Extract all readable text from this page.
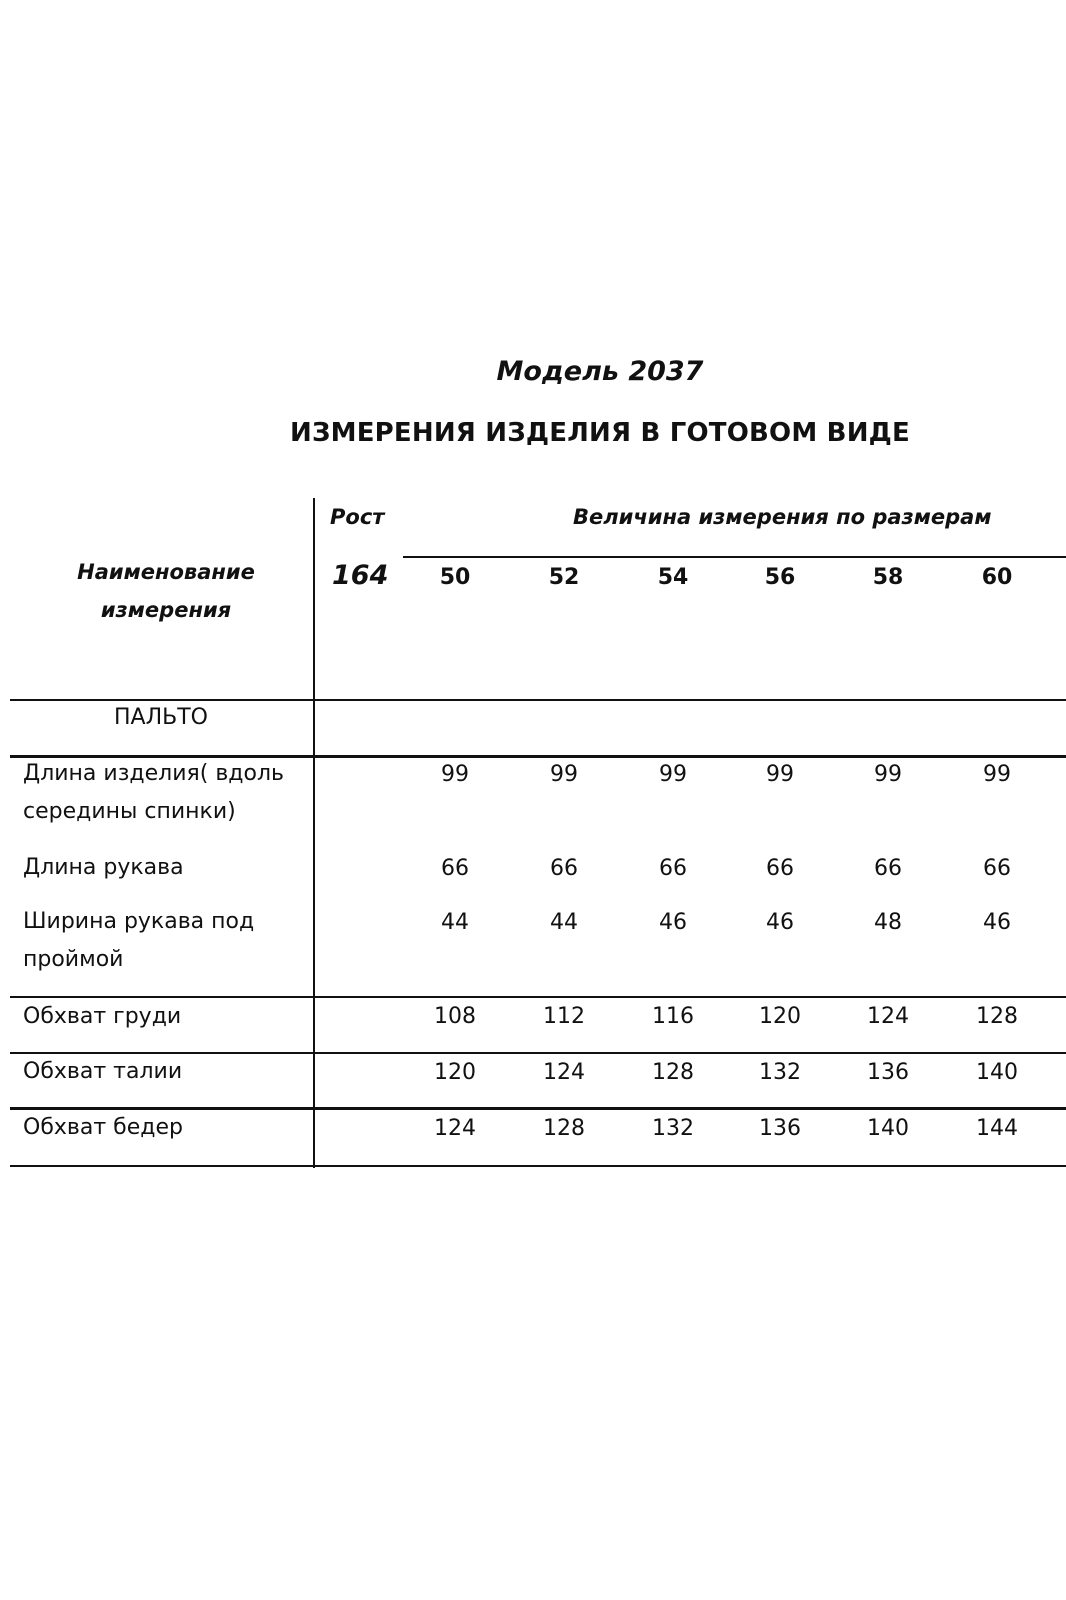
Модель 2037
ИЗМЕРЕНИЯ ИЗДЕЛИЯ В ГОТОВОМ ВИДЕ
Наименование измерения
Рост
164
Величина измерения по размерам
50	52	54	56	58	60
ПАЛЬТО
Длина изделия( вдоль середины спинки)
99	99	99	99	99	99
Длина рукава	66	66	66	66	66	66
Ширина рукава под проймой
44	44	46	46	48	46
Обхват груди	108	112	116	120	124	128
Обхват талии	120	124	128	132	136	140
Обхват бедер	124	128	132	136	140	144
